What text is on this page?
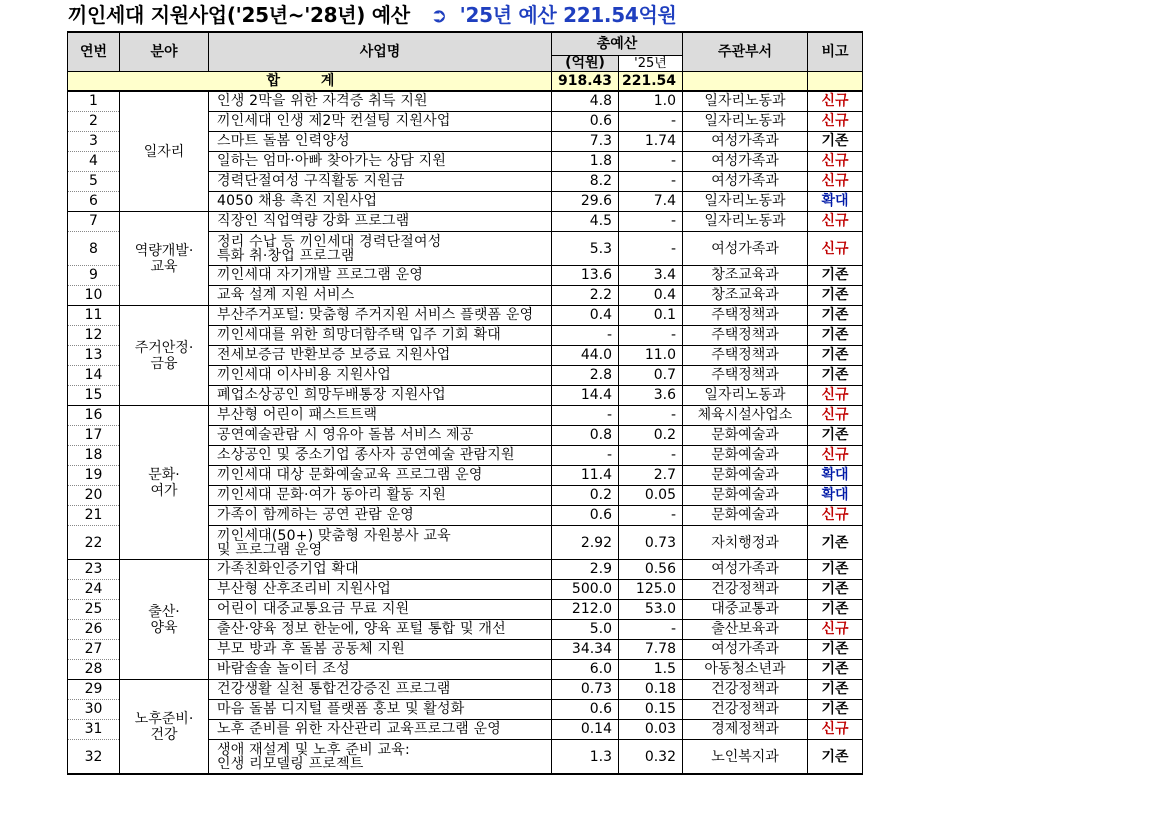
끼인세대 지원사업('25년~'28년) 예산 ➲ '25년 예산 221.54억원
연번	분야	사업명	총예산		주관부서	비고
			(억원)	'25년		
합 계			918.43	221.54		
1	일자리	인생 2막을 위한 자격증 취득 지원	4.8	1.0	일자리노동과	신규
2		끼인세대 인생 제2막 컨설팅 지원사업	0.6	-	일자리노동과	신규
3		스마트 돌봄 인력양성	7.3	1.74	여성가족과	기존
4		일하는 엄마·아빠 찾아가는 상담 지원	1.8	-	여성가족과	신규
5		경력단절여성 구직활동 지원금	8.2	-	여성가족과	신규
6		4050 채용 촉진 지원사업	29.6	7.4	일자리노동과	확대
7	역량개발·
교육	직장인 직업역량 강화 프로그램	4.5	-	일자리노동과	신규
8		정리 수납 등 끼인세대 경력단절여성
특화 취·창업 프로그램	5.3	-	여성가족과	신규
9		끼인세대 자기개발 프로그램 운영	13.6	3.4	창조교육과	기존
10		교육 설계 지원 서비스	2.2	0.4	창조교육과	기존
11	주거안정·
금융	부산주거포털: 맞춤형 주거지원 서비스 플랫폼 운영	0.4	0.1	주택정책과	기존
12		끼인세대를 위한 희망더함주택 입주 기회 확대	-	-	주택정책과	기존
13		전세보증금 반환보증 보증료 지원사업	44.0	11.0	주택정책과	기존
14		끼인세대 이사비용 지원사업	2.8	0.7	주택정책과	기존
15		폐업소상공인 희망두배통장 지원사업	14.4	3.6	일자리노동과	신규
16	문화·
여가	부산형 어린이 패스트트랙	-	-	체육시설사업소	신규
17		공연예술관람 시 영유아 돌봄 서비스 제공	0.8	0.2	문화예술과	기존
18		소상공인 및 중소기업 종사자 공연예술 관람지원	-	-	문화예술과	신규
19		끼인세대 대상 문화예술교육 프로그램 운영	11.4	2.7	문화예술과	확대
20		끼인세대 문화·여가 동아리 활동 지원	0.2	0.05	문화예술과	확대
21		가족이 함께하는 공연 관람 운영	0.6	-	문화예술과	신규
22		끼인세대(50+) 맞춤형 자원봉사 교육
및 프로그램 운영	2.92	0.73	자치행정과	기존
23	출산·
양육	가족친화인증기업 확대	2.9	0.56	여성가족과	기존
24		부산형 산후조리비 지원사업	500.0	125.0	건강정책과	기존
25		어린이 대중교통요금 무료 지원	212.0	53.0	대중교통과	기존
26		출산·양육 정보 한눈에, 양육 포털 통합 및 개선	5.0	-	출산보육과	신규
27		부모 방과 후 돌봄 공동체 지원	34.34	7.78	여성가족과	기존
28		바람솔솔 놀이터 조성	6.0	1.5	아동청소년과	기존
29	노후준비·
건강	건강생활 실천 통합건강증진 프로그램	0.73	0.18	건강정책과	기존
30		마음 돌봄 디지털 플랫폼 홍보 및 활성화	0.6	0.15	건강정책과	기존
31		노후 준비를 위한 자산관리 교육프로그램 운영	0.14	0.03	경제정책과	신규
32		생애 재설계 및 노후 준비 교육:
인생 리모델링 프로젝트	1.3	0.32	노인복지과	기존
